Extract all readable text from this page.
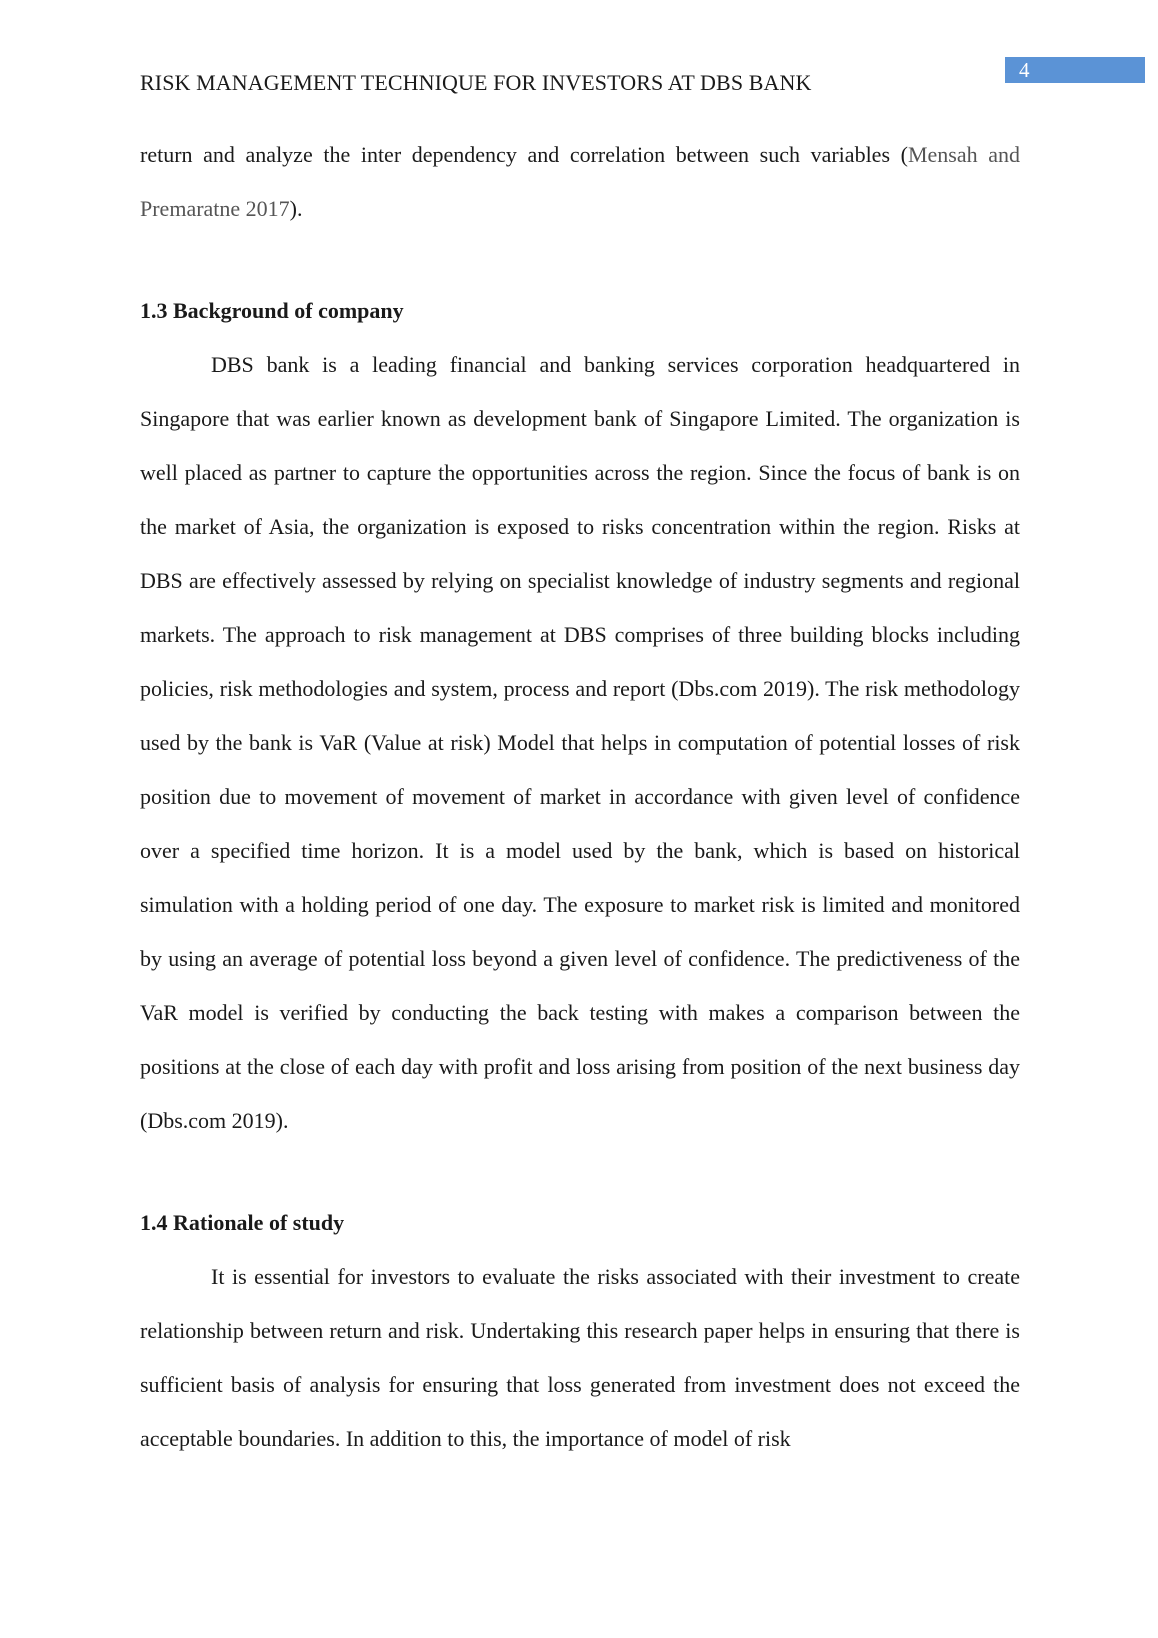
4
RISK MANAGEMENT TECHNIQUE FOR INVESTORS AT DBS BANK

return and analyze the inter dependency and correlation between such variables (Mensah and Premaratne 2017).

1.3 Background of company

DBS bank is a leading financial and banking services corporation headquartered in Singapore that was earlier known as development bank of Singapore Limited. The organization is well placed as partner to capture the opportunities across the region. Since the focus of bank is on the market of Asia, the organization is exposed to risks concentration within the region. Risks at DBS are effectively assessed by relying on specialist knowledge of industry segments and regional markets. The approach to risk management at DBS comprises of three building blocks including policies, risk methodologies and system, process and report (Dbs.com 2019). The risk methodology used by the bank is VaR (Value at risk) Model that helps in computation of potential losses of risk position due to movement of movement of market in accordance with given level of confidence over a specified time horizon. It is a model used by the bank, which is based on historical simulation with a holding period of one day. The exposure to market risk is limited and monitored by using an average of potential loss beyond a given level of confidence. The predictiveness of the VaR model is verified by conducting the back testing with makes a comparison between the positions at the close of each day with profit and loss arising from position of the next business day (Dbs.com 2019).

1.4 Rationale of study

It is essential for investors to evaluate the risks associated with their investment to create relationship between return and risk. Undertaking this research paper helps in ensuring that there is sufficient basis of analysis for ensuring that loss generated from investment does not exceed the acceptable boundaries. In addition to this, the importance of model of risk
